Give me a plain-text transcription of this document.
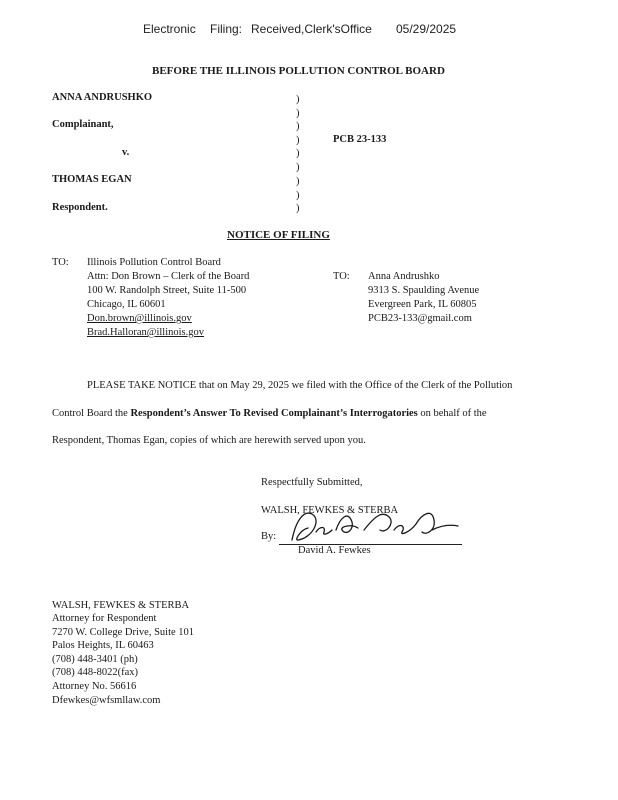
Electronic Filing: Received,Clerk'sOffice 05/29/2025
BEFORE THE ILLINOIS POLLUTION CONTROL BOARD
ANNA ANDRUSHKO
Complainant,
v.
THOMAS EGAN
Respondent.
)
)
)
)
)
)
)
)
)
PCB 23-133
NOTICE OF FILING
TO: Illinois Pollution Control Board
Attn: Don Brown – Clerk of the Board
100 W. Randolph Street, Suite 11-500
Chicago, IL 60601
Don.brown@illinois.gov
Brad.Halloran@illinois.gov
TO: Anna Andrushko
9313 S. Spaulding Avenue
Evergreen Park, IL 60805
PCB23-133@gmail.com
PLEASE TAKE NOTICE that on May 29, 2025 we filed with the Office of the Clerk of the Pollution
Control Board the Respondent’s Answer To Revised Complainant’s Interrogatories on behalf of the
Respondent, Thomas Egan, copies of which are herewith served upon you.
Respectfully Submitted,
WALSH, FEWKES & STERBA
By:
David A. Fewkes
WALSH, FEWKES & STERBA
Attorney for Respondent
7270 W. College Drive, Suite 101
Palos Heights, IL 60463
(708) 448-3401 (ph)
(708) 448-8022(fax)
Attorney No. 56616
Dfewkes@wfsmllaw.com
